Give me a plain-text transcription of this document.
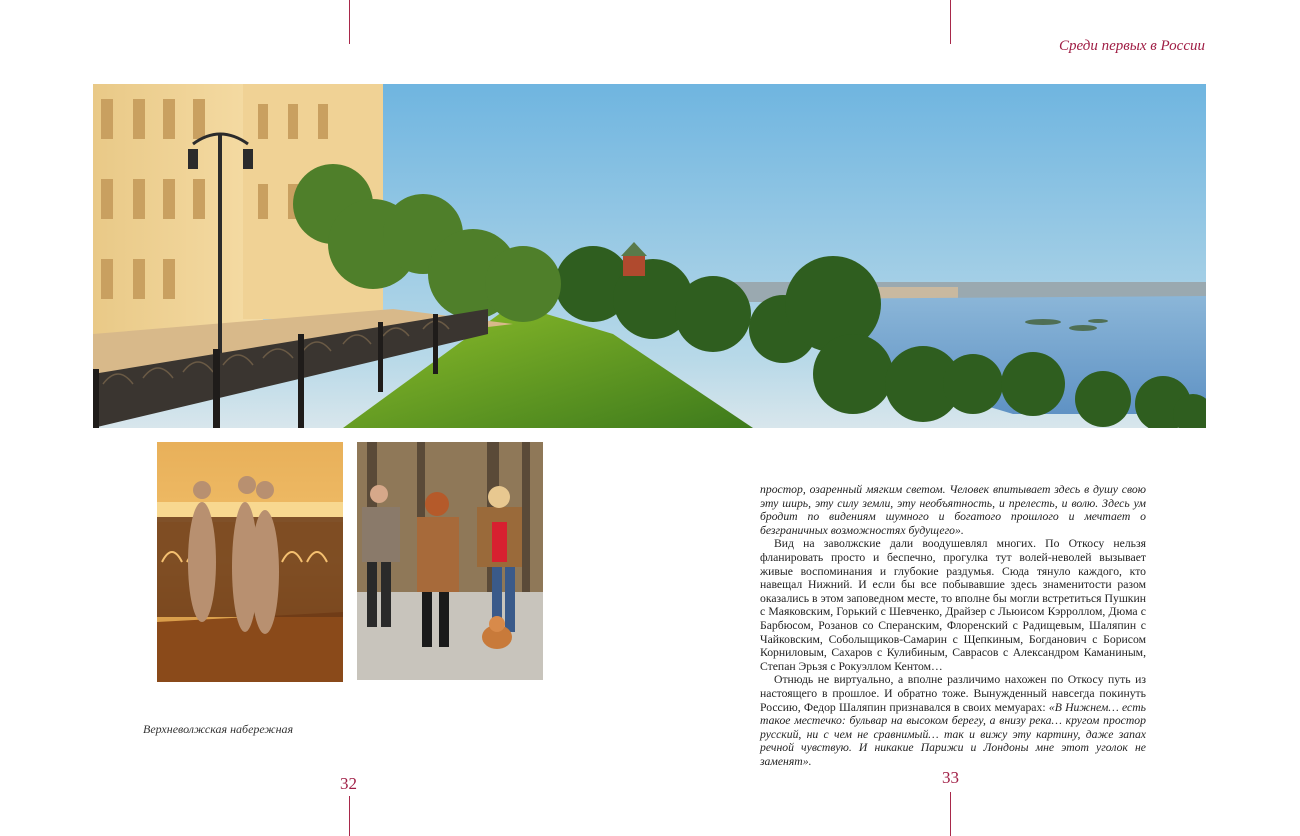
Среди первых в России
Верхневолжская набережная
32	33

простор, озаренный мягким светом. Человек впитывает здесь в душу свою эту ширь, эту силу земли, эту необъятность, и прелесть, и волю. Здесь ум бродит по видениям шумного и богатого прошлого и мечтает о безграничных возможностях будущего».

Вид на заволжские дали воодушевлял многих. По Откосу нельзя фланировать просто и беспечно, прогулка тут волей-неволей вызывает живые воспоминания и глубокие раздумья. Сюда тянуло каждого, кто навещал Нижний. И если бы все побывавшие здесь знаменитости разом оказались в этом заповедном месте, то вполне бы могли встретиться Пушкин с Маяковским, Горький с Шевченко, Драйзер с Льюисом Кэрроллом, Дюма с Барбюсом, Розанов со Сперанским, Флоренский с Радищевым, Шаляпин с Чайковским, Соболыщиков-Самарин с Щепкиным, Богданович с Борисом Корниловым, Сахаров с Кулибиным, Саврасов с Александром Каманиным, Степан Эрьзя с Рокуэллом Кентом…

Отнюдь не виртуально, а вполне различимо нахожен по Откосу путь из настоящего в прошлое. И обратно тоже. Вынужденный навсегда покинуть Россию, Федор Шаляпин признавался в своих мемуарах: «В Нижнем… есть такое местечко: бульвар на высоком берегу, а внизу река… кругом простор русский, ни с чем не сравнимый… так и вижу эту картину, даже запах речной чувствую. И никакие Парижи и Лондоны мне этот уголок не заменят».
